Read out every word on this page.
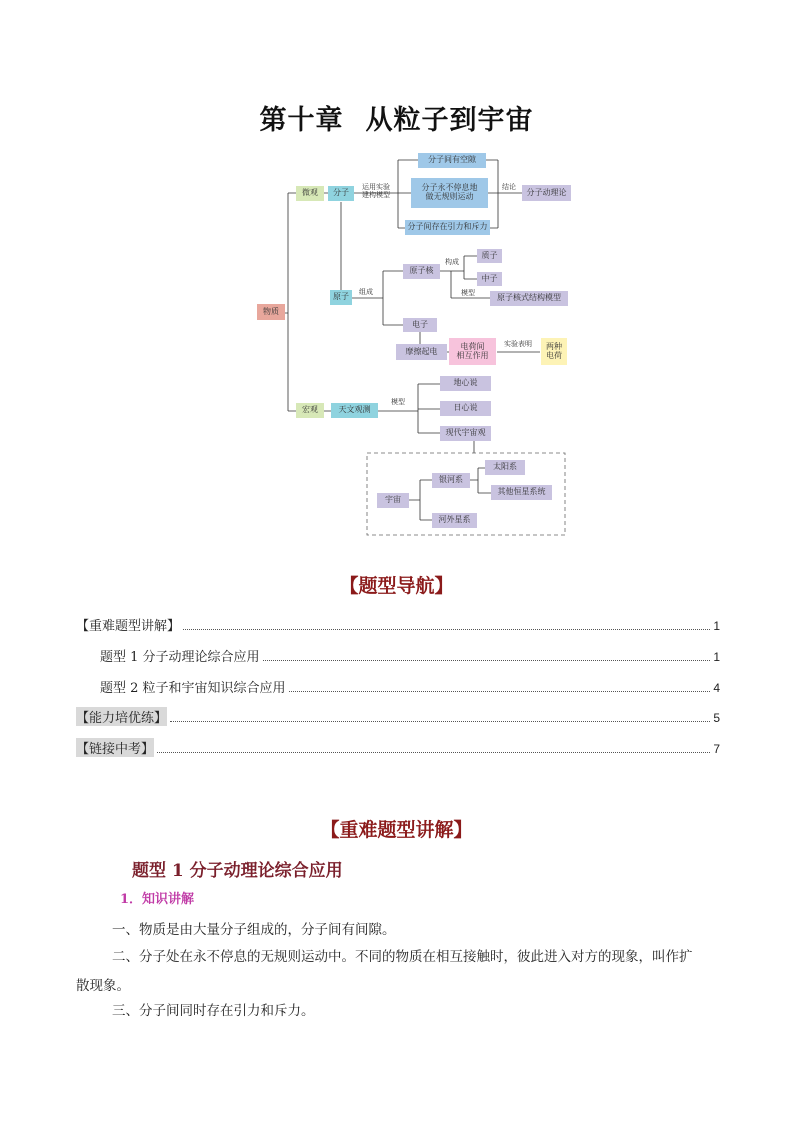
第十章 从粒子到宇宙
物质
微观	分子
运用实验
建构模型
分子间有空隙
分子永不停息地
做无规则运动
分子间存在引力和斥力
结论
分子动理论
原子
组成
原子核
构成
质子
中子
模型
原子核式结构模型
电子
摩擦起电
电荷间
相互作用
实验表明	两种
电荷
宏观	天文观测
模型
地心说
日心说
现代宇宙观
宇宙
银河系
太阳系
其他恒星系统
河外星系
【题型导航】
【重难题型讲解】	1
题型 1 分子动理论综合应用	1
题型 2 粒子和宇宙知识综合应用	4
【能力培优练】	5
【链接中考】	7
【重难题型讲解】
题型 1 分子动理论综合应用
1．知识讲解
一、物质是由大量分子组成的，分子间有间隙。
二、分子处在永不停息的无规则运动中。不同的物质在相互接触时，彼此进入对方的现象，叫作扩
散现象。
三、分子间同时存在引力和斥力。
